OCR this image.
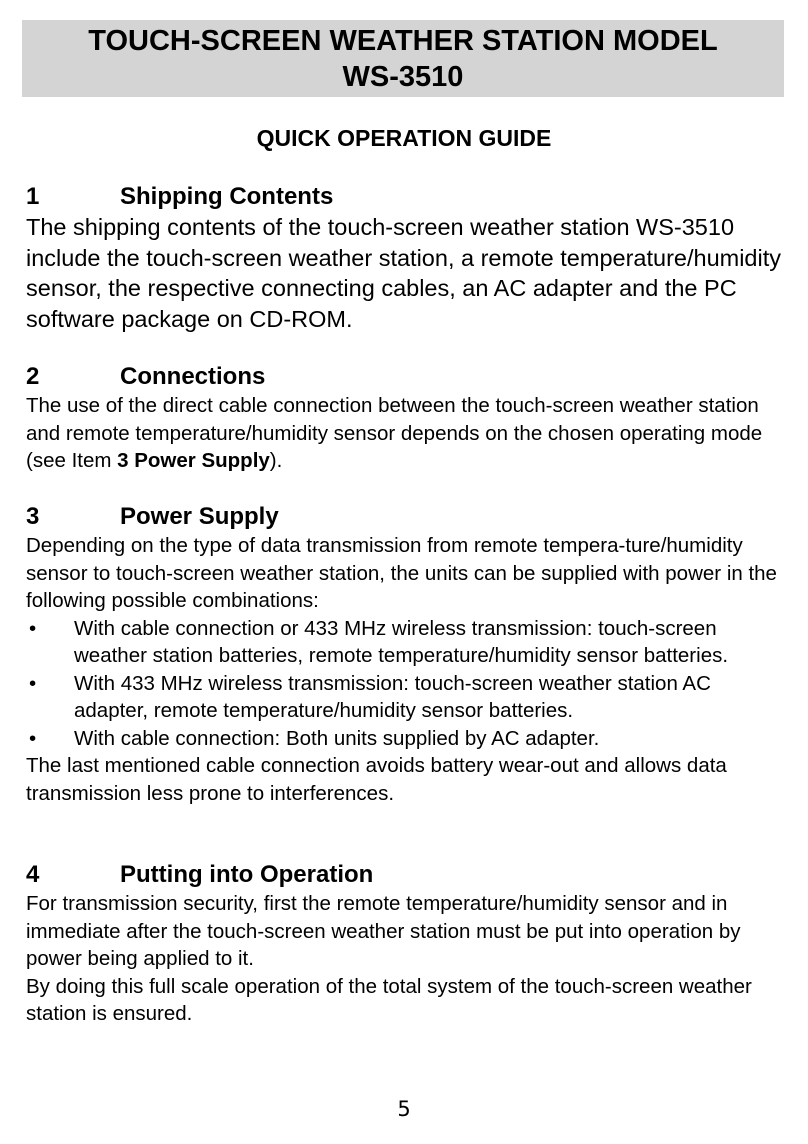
TOUCH-SCREEN WEATHER STATION MODEL
WS-3510
QUICK OPERATION GUIDE
1	Shipping Contents

The shipping contents of the touch-screen weather station WS-3510 include the touch-screen weather station, a remote temperature/humidity sensor, the respective connecting cables, an AC adapter and the PC software package on CD-ROM.

2	Connections

The use of the direct cable connection between the touch-screen weather station and remote temperature/humidity sensor depends on the chosen operating mode (see Item 3 Power Supply).

3	Power Supply

Depending on the type of data transmission from remote tempera-ture/humidity sensor to touch-screen weather station, the units can be supplied with power in the following possible combinations:

• With cable connection or 433 MHz wireless transmission: touch-screen weather station batteries, remote temperature/humidity sensor batteries.
• With 433 MHz wireless transmission: touch-screen weather station AC adapter, remote temperature/humidity sensor batteries.
• With cable connection: Both units supplied by AC adapter.

The last mentioned cable connection avoids battery wear-out and allows data transmission less prone to interferences.

4	Putting into Operation

For transmission security, first the remote temperature/humidity sensor and in immediate after the touch-screen weather station must be put into operation by power being applied to it.

By doing this full scale operation of the total system of the touch-screen weather station is ensured.

5
